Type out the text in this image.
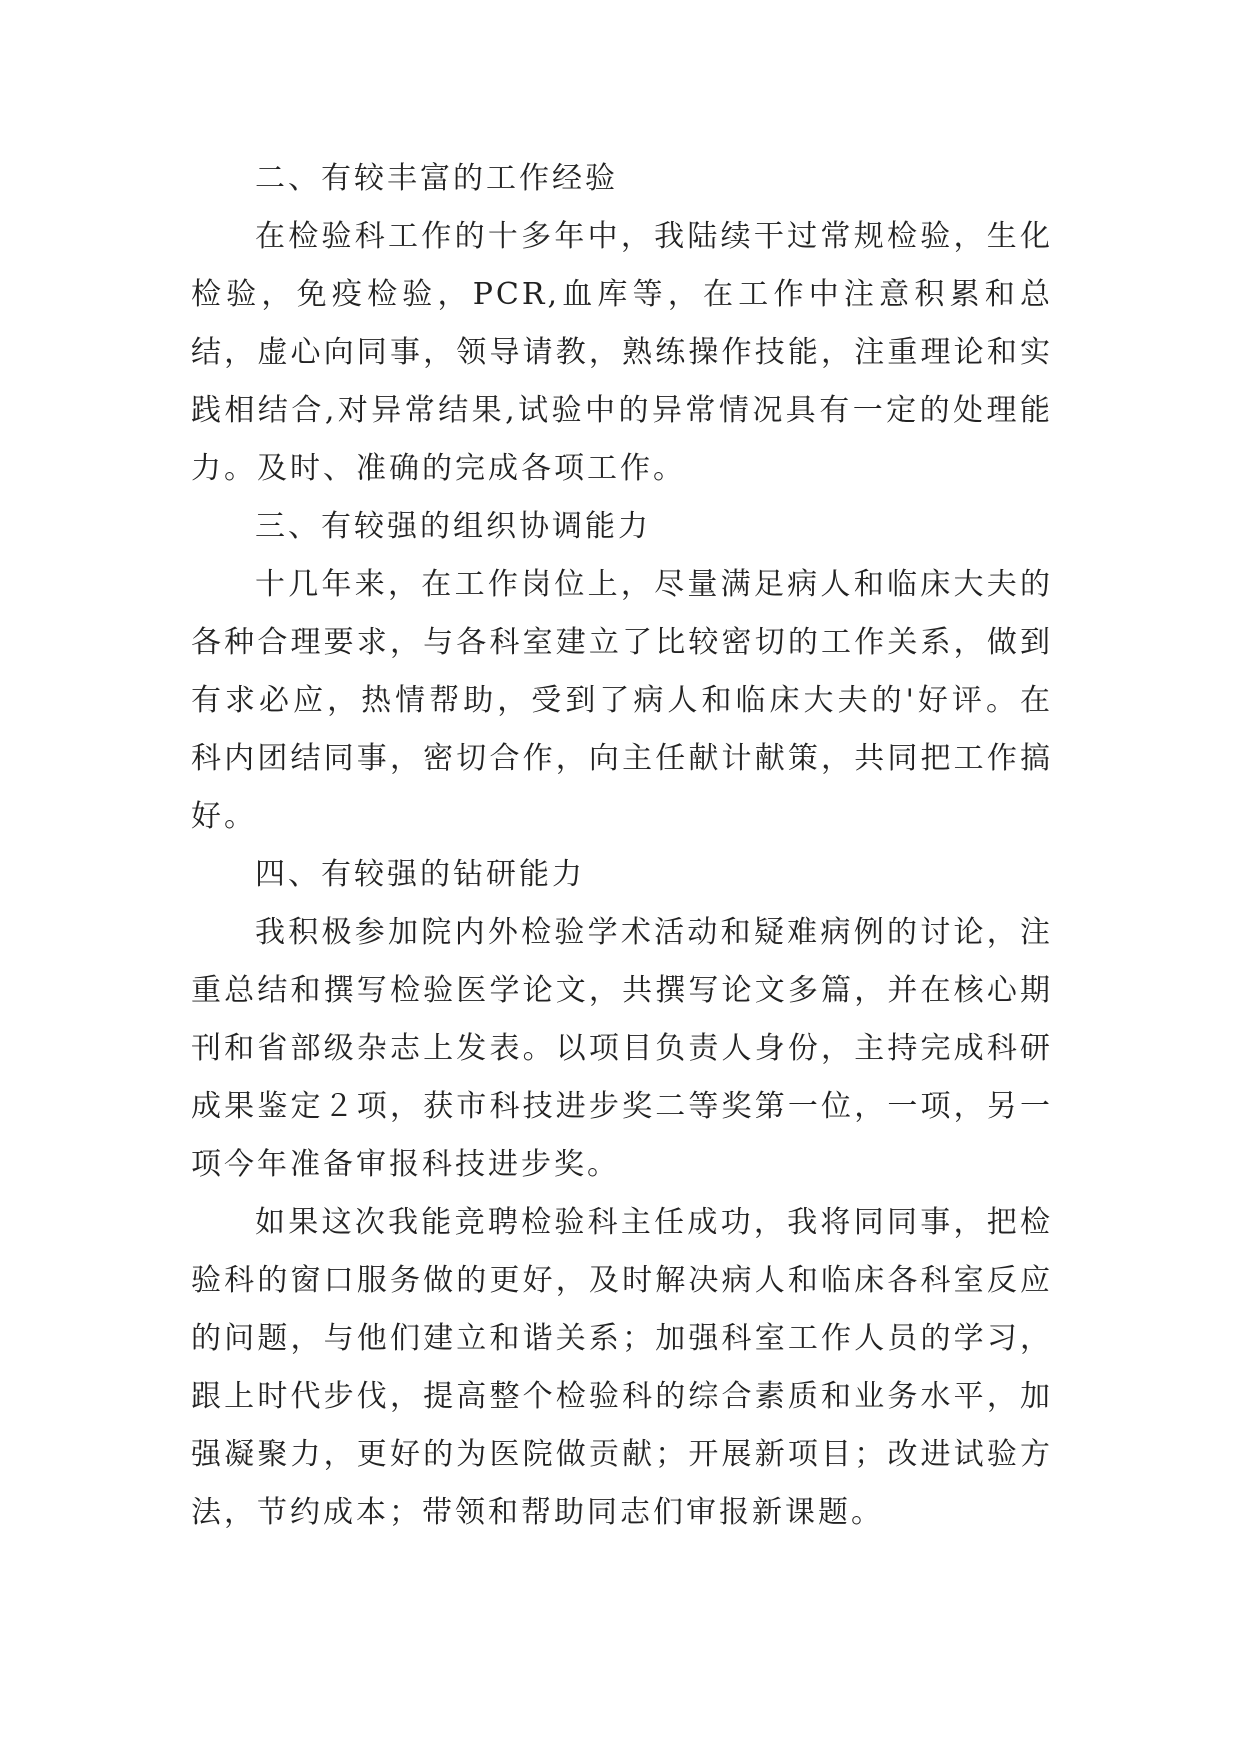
二、有较丰富的工作经验

在检验科工作的十多年中，我陆续干过常规检验，生化检验，免疫检验，PCR,血库等，在工作中注意积累和总结，虚心向同事，领导请教，熟练操作技能，注重理论和实践相结合,对异常结果,试验中的异常情况具有一定的处理能力。及时、准确的完成各项工作。

三、有较强的组织协调能力

十几年来，在工作岗位上，尽量满足病人和临床大夫的各种合理要求，与各科室建立了比较密切的工作关系，做到有求必应，热情帮助，受到了病人和临床大夫的'好评。在科内团结同事，密切合作，向主任献计献策，共同把工作搞好。

四、有较强的钻研能力

我积极参加院内外检验学术活动和疑难病例的讨论，注重总结和撰写检验医学论文，共撰写论文多篇，并在核心期刊和省部级杂志上发表。以项目负责人身份，主持完成科研成果鉴定２项，获市科技进步奖二等奖第一位，一项，另一项今年准备审报科技进步奖。

如果这次我能竞聘检验科主任成功，我将同同事，把检验科的窗口服务做的更好，及时解决病人和临床各科室反应的问题，与他们建立和谐关系；加强科室工作人员的学习，跟上时代步伐，提高整个检验科的综合素质和业务水平，加强凝聚力，更好的为医院做贡献；开展新项目；改进试验方法，节约成本；带领和帮助同志们审报新课题。
